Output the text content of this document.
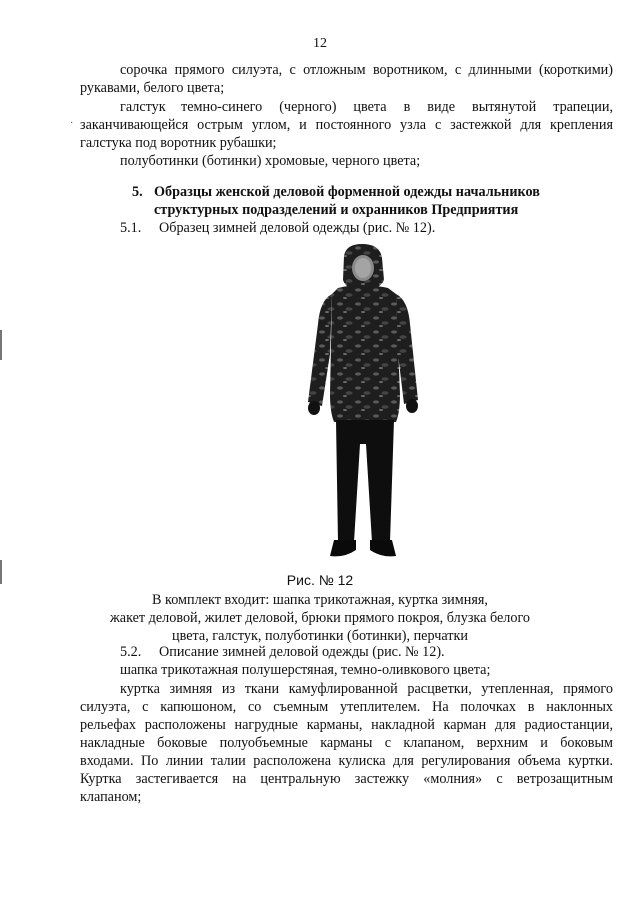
·
12
сорочка прямого силуэта, с отложным воротником, с длинными (короткими)
рукавами, белого цвета;
галстук темно-синего (черного) цвета в виде вытянутой трапеции,
заканчивающейся острым углом, и постоянного узла с застежкой для крепления
галстука под воротник рубашки;
полуботинки (ботинки) хромовые, черного цвета;
5. Образцы женской деловой форменной одежды начальников
структурных подразделений и охранников Предприятия
5.1. Образец зимней деловой одежды (рис. № 12).
Рис. № 12
В комплект входит: шапка трикотажная, куртка зимняя,
жакет деловой, жилет деловой, брюки прямого покроя, блузка белого
цвета, галстук, полуботинки (ботинки), перчатки
5.2. Описание зимней деловой одежды (рис. № 12).
шапка трикотажная полушерстяная, темно-оливкового цвета;
куртка зимняя из ткани камуфлированной расцветки, утепленная, прямого
силуэта, с капюшоном, со съемным утеплителем. На полочках в наклонных
рельефах расположены нагрудные карманы, накладной карман для радиостанции,
накладные боковые полуобъемные карманы с клапаном, верхним и боковым
входами. По линии талии расположена кулиска для регулирования объема куртки.
Куртка застегивается на центральную застежку «молния» с ветрозащитным
клапаном;
